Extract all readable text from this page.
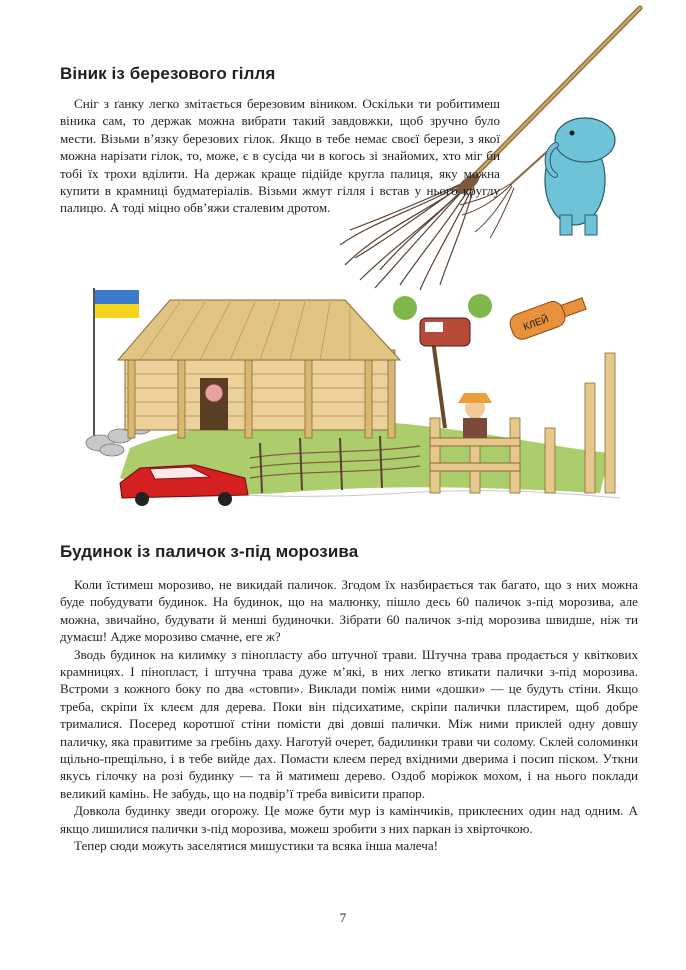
Віник із березового гілля

Сніг з ґанку легко змітається березовим віником. Оскільки ти робитимеш віника сам, то держак можна вибрати такий завдовжки, щоб зручно було мести. Візьми в’язку березових гілок. Якщо в тебе немає своєї берези, з якої можна нарізати гілок, то, може, є в сусіда чи в когось зі знайомих, хто міг би тобі їх трохи вділити. На держак краще підійде кругла палиця, яку можна купити в крамниці будматеріалів. Візьми жмут гілля і встав у нього круглу палицю. А тоді міцно обв’яжи сталевим дротом.

КЛЕЙ
Будинок із паличок з-під морозива

Коли їстимеш морозиво, не викидай паличок. Згодом їх назбирається так багато, що з них можна буде побудувати будинок. На будинок, що на малюнку, пішло десь 60 паличок з-під морозива, але можна, звичайно, будувати й менші будиночки. Зібрати 60 паличок з-під морозива швидше, ніж ти думаєш! Адже морозиво смачне, еге ж?

Зводь будинок на килимку з пінопласту або штучної трави. Штучна трава продається у квіткових крамницях. І пінопласт, і штучна трава дуже м’які, в них легко втикати палички з-під морозива. Встроми з кожного боку по два «стовпи». Виклади поміж ними «дошки» — це будуть стіни. Якщо треба, скріпи їх клеєм для дерева. Поки він підсихатиме, скріпи палички пластирем, щоб добре трималися. Посеред коротшої стіни помісти дві довші палички. Між ними приклей одну довшу паличку, яка правитиме за гребінь даху. Наготуй очерет, бадилинки трави чи солому. Склей соломинки щільно-прещільно, і в тебе вийде дах. Помасти клеєм перед вхідними дверима і посип піском. Уткни якусь гілочку на розі будинку — та й матимеш дерево. Оздоб моріжок мохом, і на нього поклади великий камінь. Не забудь, що на подвір’ї треба вивісити прапор.

Довкола будинку зведи огорожу. Це може бути мур із камінчиків, приклеєних один над одним. А якщо лишилися палички з-під морозива, можеш зробити з них паркан із хвірточкою.

Тепер сюди можуть заселятися мишустики та всяка інша малеча!

7
